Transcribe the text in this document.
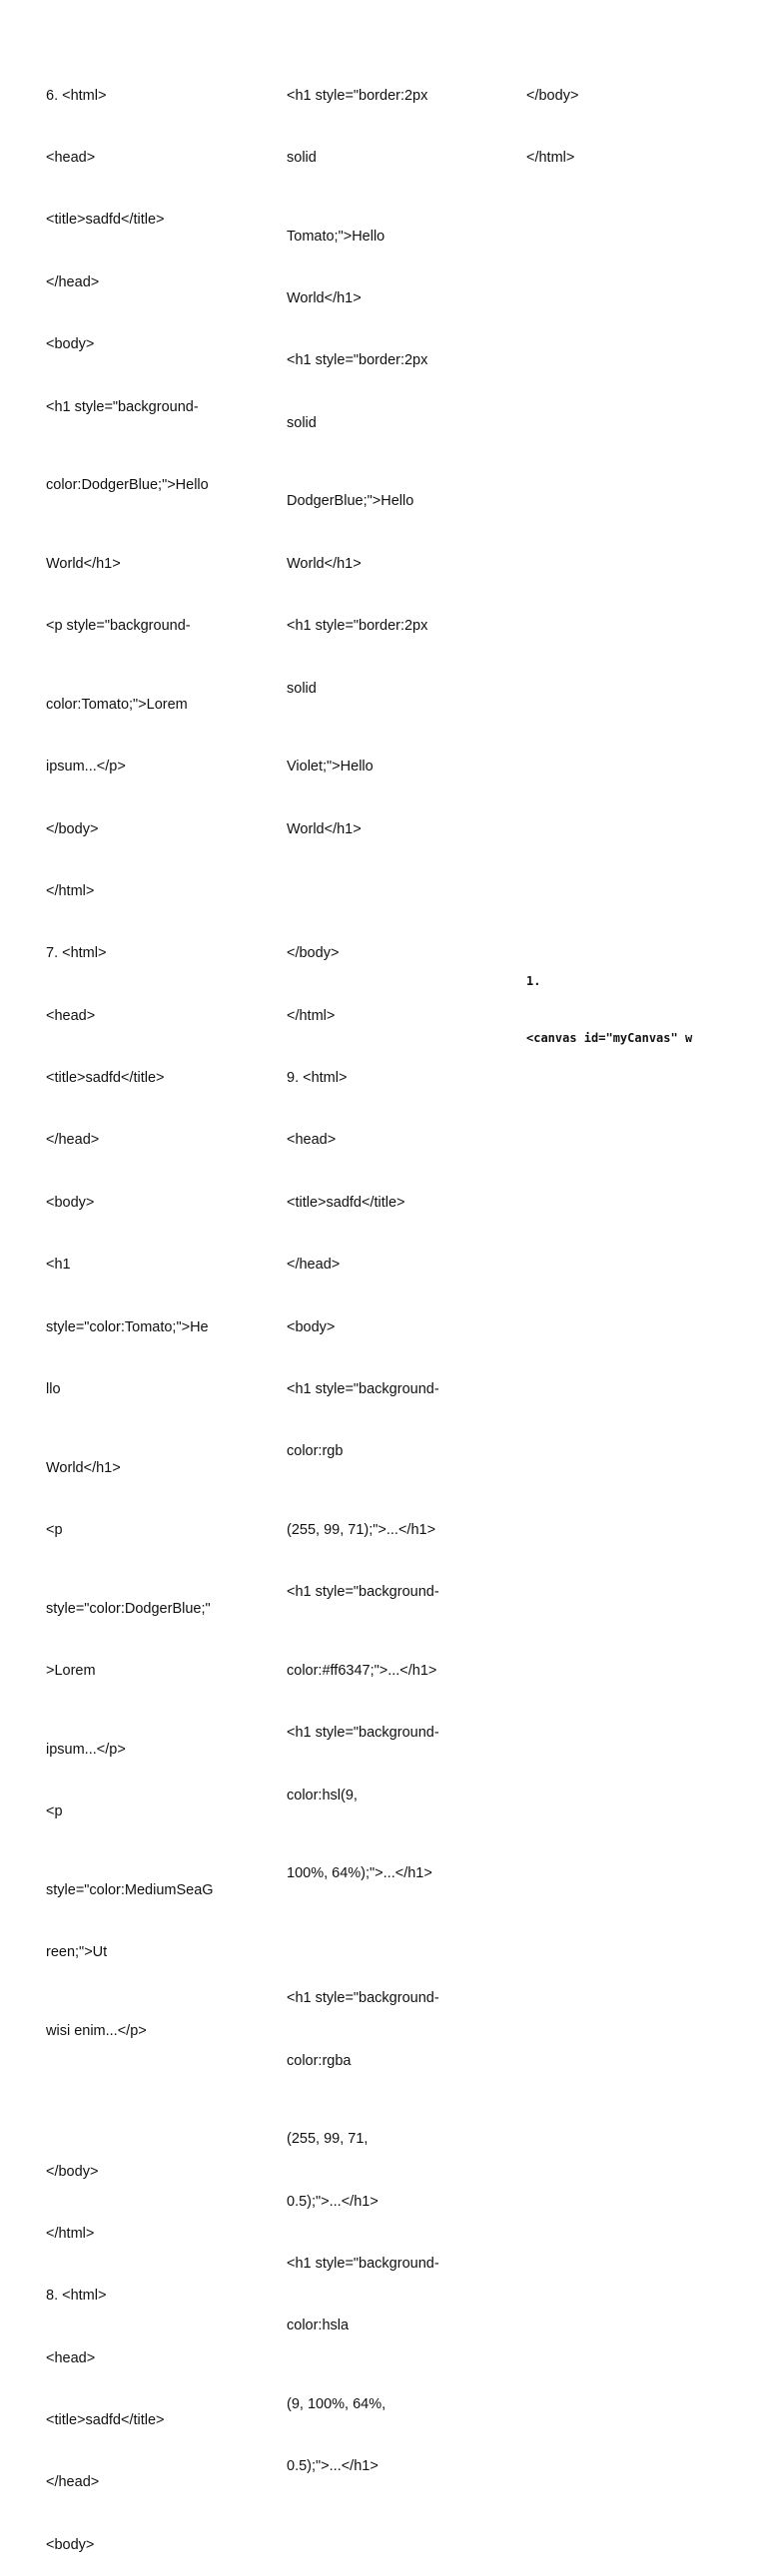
6. <html>

<head>

<title>sadfd</title>

</head>

<body>

<h1 style="background-

color:DodgerBlue;">Hello

World</h1>

<p style="background-

color:Tomato;">Lorem

ipsum...</p>

</body>

</html>

7. <html>

<head>

<title>sadfd</title>

</head>

<body>

<h1

style="color:Tomato;">He

llo

World</h1>

<p

style="color:DodgerBlue;"

>Lorem

ipsum...</p>

<p

style="color:MediumSeaG

reen;">Ut

wisi enim...</p>

</body>

</html>

8. <html>

<head>

<title>sadfd</title>

</head>

<body>

<h1 style="border:2px

solid

Tomato;">Hello

World</h1>

<h1 style="border:2px

solid

DodgerBlue;">Hello

World</h1>

<h1 style="border:2px

solid

Violet;">Hello

World</h1>

</body>

</html>

9. <html>

<head>

<title>sadfd</title>

</head>

<body>

<h1 style="background-

color:rgb

(255, 99, 71);">...</h1>

<h1 style="background-

color:#ff6347;">...</h1>

<h1 style="background-

color:hsl(9,

100%, 64%);">...</h1>

<h1 style="background-

color:rgba

(255, 99, 71,

0.5);">...</h1>

<h1 style="background-

color:hsla

(9, 100%, 64%,

0.5);">...</h1>

</body>

</html>

1.

<canvas id="myCanvas" w
